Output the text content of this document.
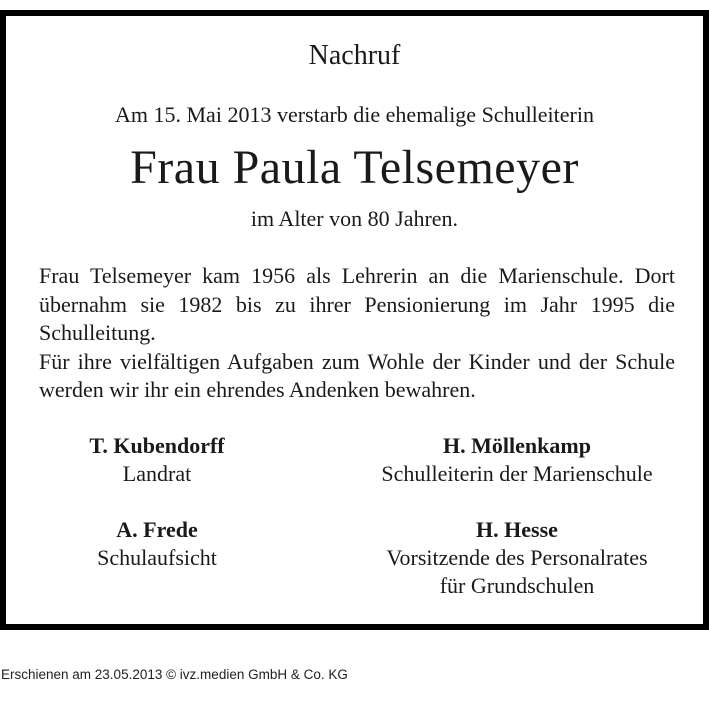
Nachruf
Am 15. Mai 2013 verstarb die ehemalige Schulleiterin
Frau Paula Telsemeyer
im Alter von 80 Jahren.

Frau Telsemeyer kam 1956 als Lehrerin an die Marienschule. Dort übernahm sie 1982 bis zu ihrer Pensionierung im Jahr 1995 die Schulleitung.

Für ihre vielfältigen Aufgaben zum Wohle der Kinder und der Schule werden wir ihr ein ehrendes Andenken bewahren.

T. Kubendorff
Landrat
H. Möllenkamp
Schulleiterin der Marienschule
A. Frede
Schulaufsicht
H. Hesse
Vorsitzende des Personalrates
für Grundschulen
Erschienen am 23.05.2013 © ivz.medien GmbH & Co. KG
